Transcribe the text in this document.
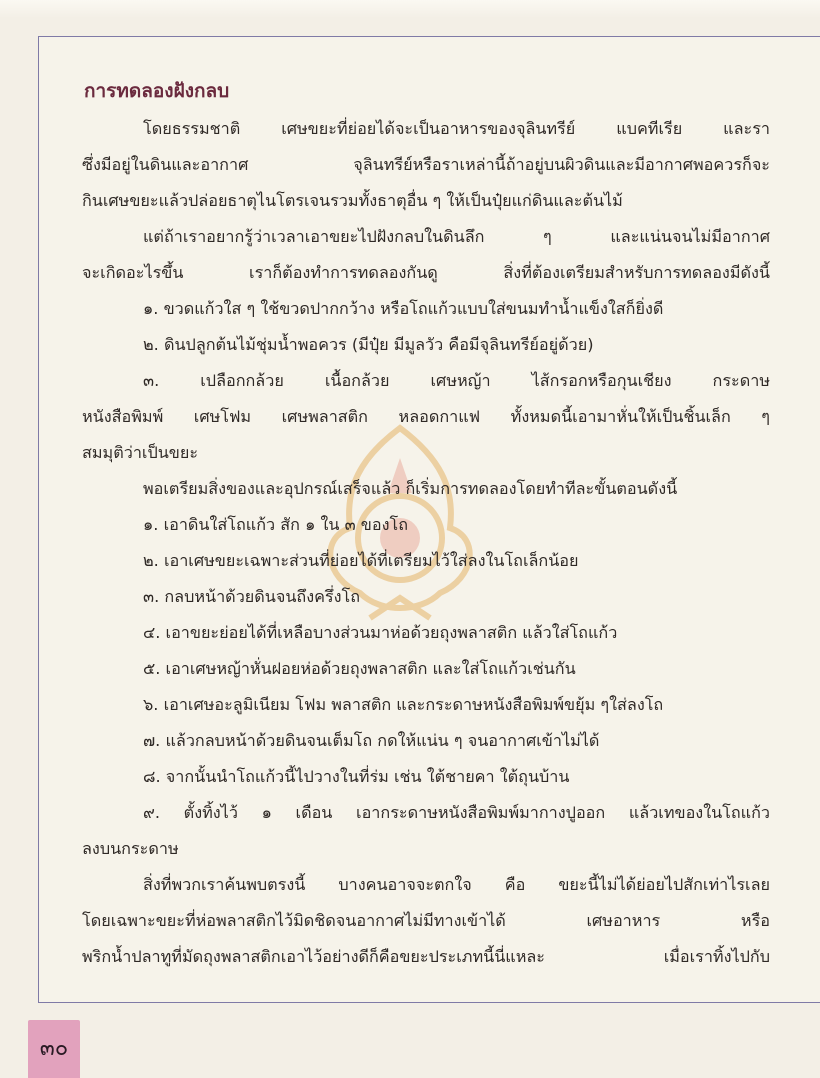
การทดลองฝังกลบ

โดยธรรมชาติ เศษขยะที่ย่อยได้จะเป็นอาหารของจุลินทรีย์ แบคทีเรีย และรา

ซึ่งมีอยู่ในดินและอากาศ จุลินทรีย์หรือราเหล่านี้ถ้าอยู่บนผิวดินและมีอากาศพอควรก็จะ

กินเศษขยะแล้วปล่อยธาตุไนโตรเจนรวมทั้งธาตุอื่น ๆ ให้เป็นปุ๋ยแก่ดินและต้นไม้

แต่ถ้าเราอยากรู้ว่าเวลาเอาขยะไปฝังกลบในดินลึก ๆ และแน่นจนไม่มีอากาศ

จะเกิดอะไรขึ้น เราก็ต้องทำการทดลองกันดู สิ่งที่ต้องเตรียมสำหรับการทดลองมีดังนี้

๑. ขวดแก้วใส ๆ ใช้ขวดปากกว้าง หรือโถแก้วแบบใส่ขนมทำน้ำแข็งใสก็ยิ่งดี

๒. ดินปลูกต้นไม้ชุ่มน้ำพอควร (มีปุ๋ย มีมูลวัว คือมีจุลินทรีย์อยู่ด้วย)

๓. เปลือกกล้วย เนื้อกล้วย เศษหญ้า ไส้กรอกหรือกุนเชียง กระดาษ

หนังสือพิมพ์ เศษโฟม เศษพลาสติก หลอดกาแฟ ทั้งหมดนี้เอามาหั่นให้เป็นชิ้นเล็ก ๆ

สมมุติว่าเป็นขยะ

พอเตรียมสิ่งของและอุปกรณ์เสร็จแล้ว ก็เริ่มการทดลองโดยทำทีละขั้นตอนดังนี้

๑. เอาดินใส่โถแก้ว สัก ๑ ใน ๓ ของโถ

๒. เอาเศษขยะเฉพาะส่วนที่ย่อยได้ที่เตรียมไว้ใส่ลงในโถเล็กน้อย

๓. กลบหน้าด้วยดินจนถึงครึ่งโถ

๔. เอาขยะย่อยได้ที่เหลือบางส่วนมาห่อด้วยถุงพลาสติก แล้วใส่โถแก้ว

๕. เอาเศษหญ้าหั่นฝอยห่อด้วยถุงพลาสติก และใส่โถแก้วเช่นกัน

๖. เอาเศษอะลูมิเนียม โฟม พลาสติก และกระดาษหนังสือพิมพ์ขยุ้ม ๆใส่ลงโถ

๗. แล้วกลบหน้าด้วยดินจนเต็มโถ กดให้แน่น ๆ จนอากาศเข้าไม่ได้

๘. จากนั้นนำโถแก้วนี้ไปวางในที่ร่ม เช่น ใต้ชายคา ใต้ถุนบ้าน

๙. ตั้งทิ้งไว้ ๑ เดือน เอากระดาษหนังสือพิมพ์มากางปูออก แล้วเทของในโถแก้ว

ลงบนกระดาษ

สิ่งที่พวกเราค้นพบตรงนี้ บางคนอาจจะตกใจ คือ ขยะนี้ไม่ได้ย่อยไปสักเท่าไรเลย

โดยเฉพาะขยะที่ห่อพลาสติกไว้มิดชิดจนอากาศไม่มีทางเข้าได้ เศษอาหาร หรือ

พริกน้ำปลาทูที่มัดถุงพลาสติกเอาไว้อย่างดีก็คือขยะประเภทนี้นี่แหละ เมื่อเราทิ้งไปกับ

๓๐
